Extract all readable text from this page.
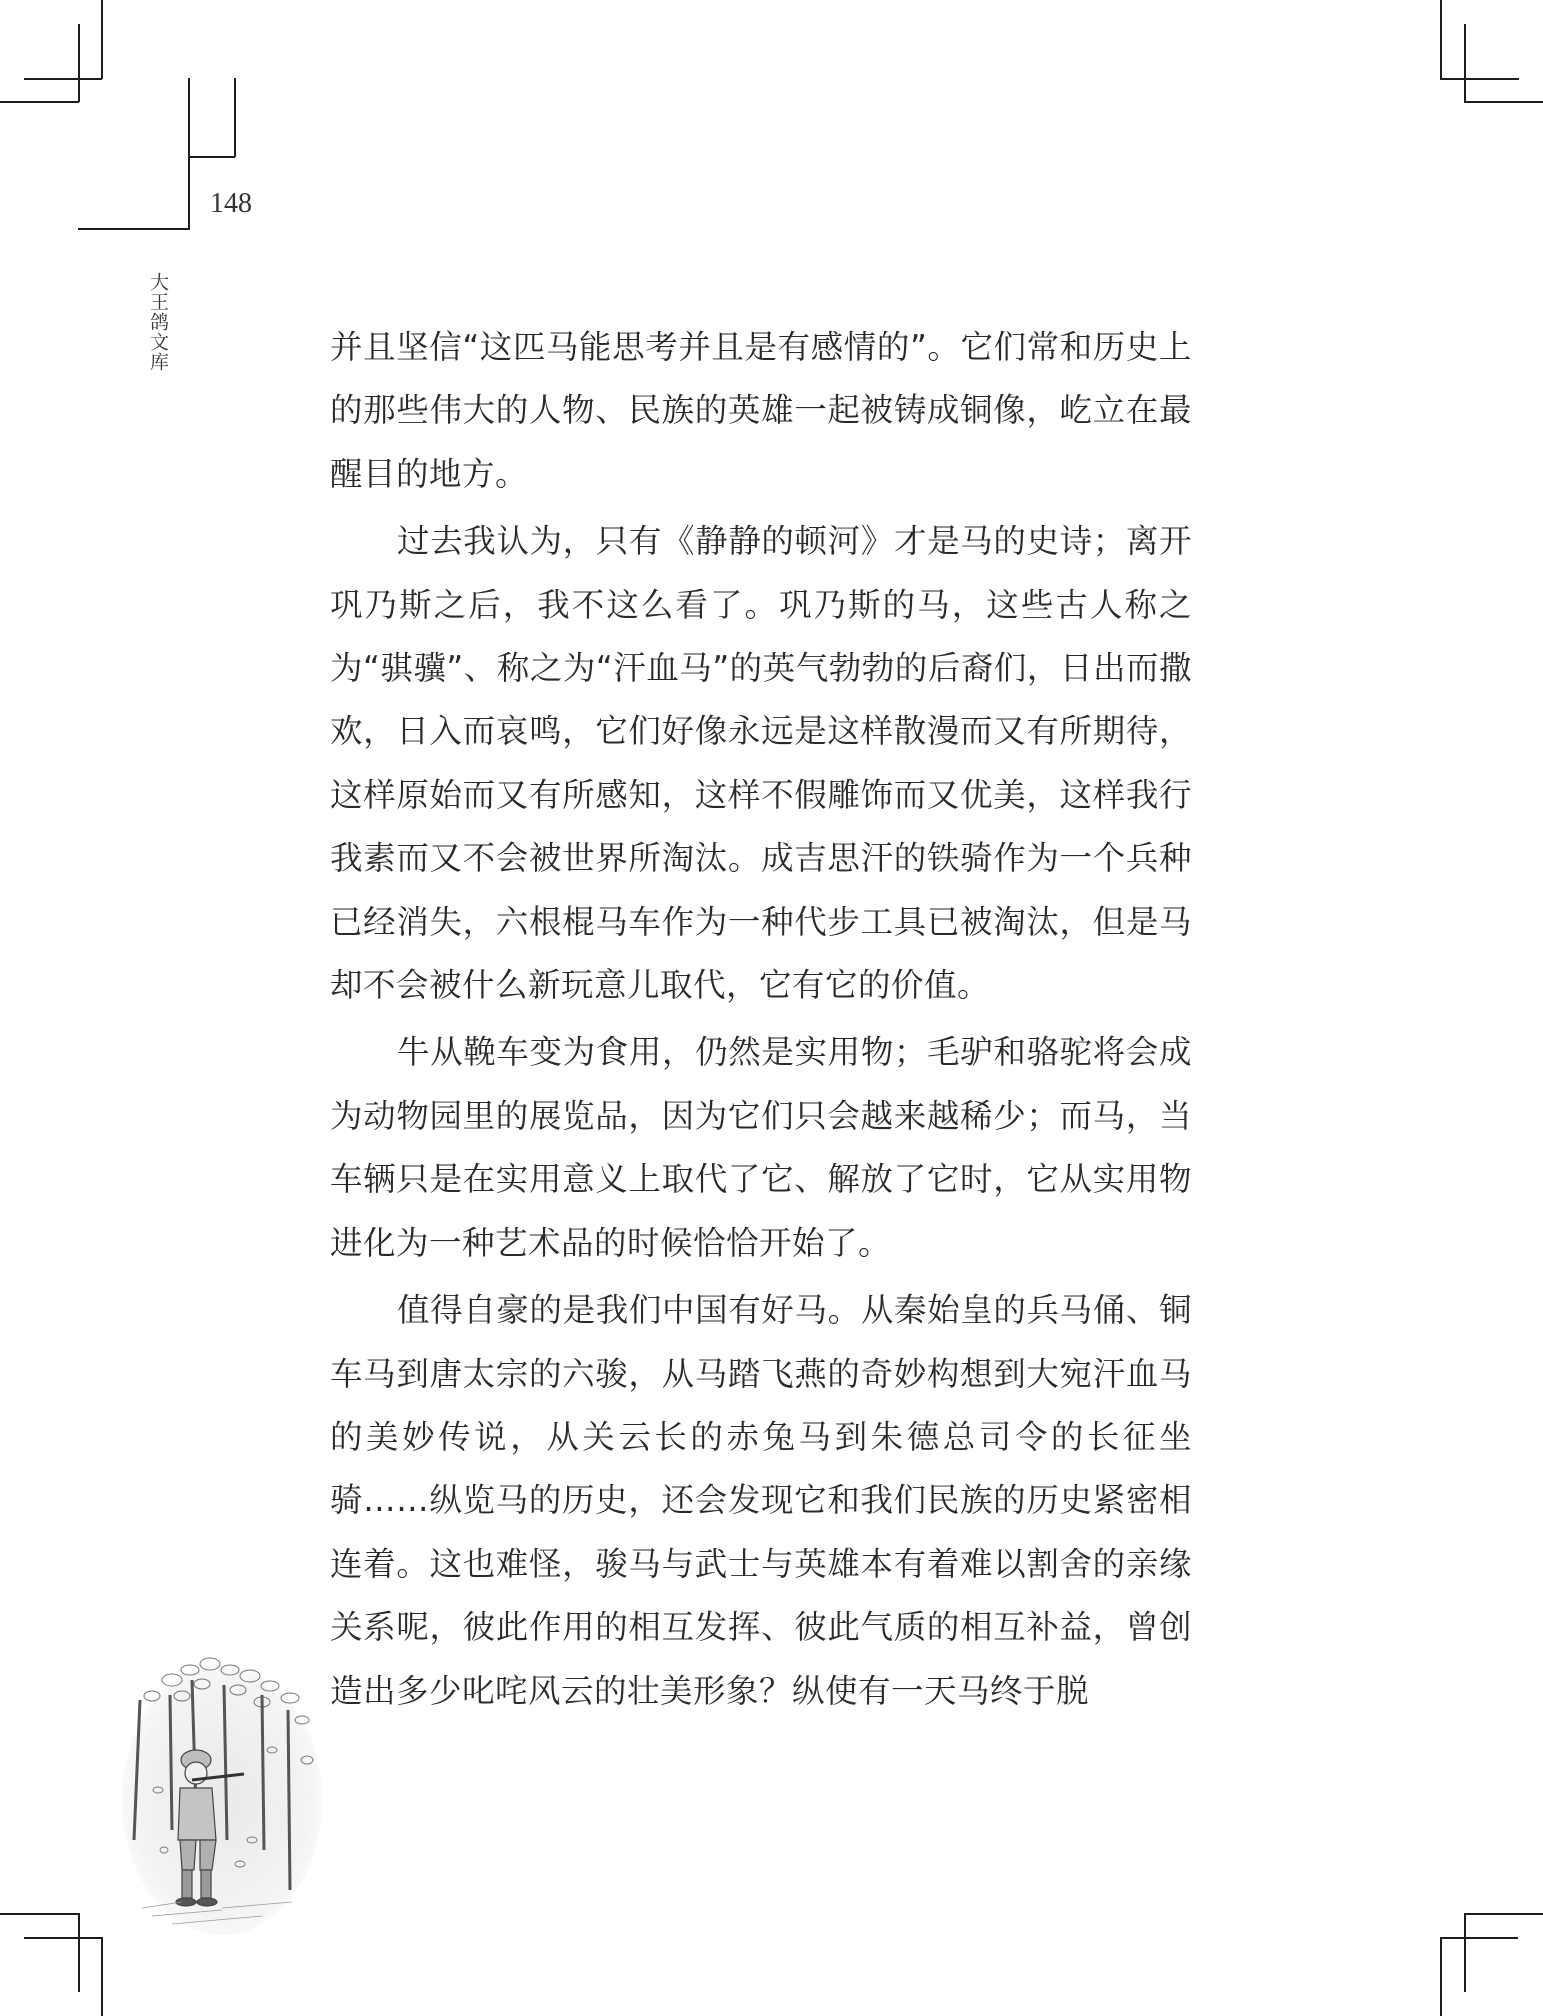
148
大王鸽文库	并且坚信“这匹马能思考并且是有感情的”。它们常和历史上的那些伟大的人物、民族的英雄一起被铸成铜像，屹立在最醒目的地方。

过去我认为，只有《静静的顿河》才是马的史诗；离开巩乃斯之后，我不这么看了。巩乃斯的马，这些古人称之为“骐骥”、称之为“汗血马”的英气勃勃的后裔们，日出而撒欢，日入而哀鸣，它们好像永远是这样散漫而又有所期待，这样原始而又有所感知，这样不假雕饰而又优美，这样我行我素而又不会被世界所淘汰。成吉思汗的铁骑作为一个兵种已经消失，六根棍马车作为一种代步工具已被淘汰，但是马却不会被什么新玩意儿取代，它有它的价值。

牛从鞔车变为食用，仍然是实用物；毛驴和骆驼将会成为动物园里的展览品，因为它们只会越来越稀少；而马，当车辆只是在实用意义上取代了它、解放了它时，它从实用物进化为一种艺术品的时候恰恰开始了。

值得自豪的是我们中国有好马。从秦始皇的兵马俑、铜车马到唐太宗的六骏，从马踏飞燕的奇妙构想到大宛汗血马的美妙传说，从关云长的赤兔马到朱德总司令的长征坐骑……纵览马的历史，还会发现它和我们民族的历史紧密相连着。这也难怪，骏马与武士与英雄本有着难以割舍的亲缘关系呢，彼此作用的相互发挥、彼此气质的相互补益，曾创造出多少叱咤风云的壮美形象？纵使有一天马终于脱
